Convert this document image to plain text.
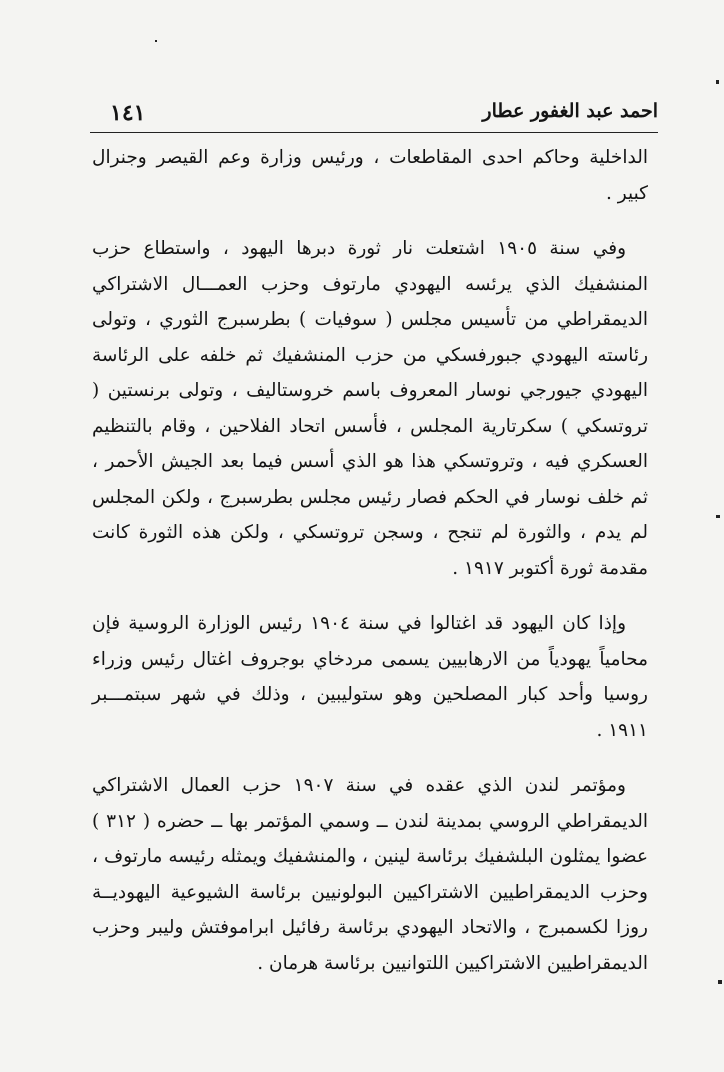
١٤١	احمد عبد الغفور عطار

الداخلية وحاكم احدى المقاطعات ، ورئيس وزارة وعم القيصر وجنرال كبير .

وفي سنة ١٩٠٥ اشتعلت نار ثورة دبرها اليهود ، واستطاع حزب المنشفيك الذي يرئسه اليهودي مارتوف وحزب العمـــال الاشتراكي الديمقراطي من تأسيس مجلس ( سوفيات ) بطرسبرج الثوري ، وتولى رئاسته اليهودي جبورفسكي من حزب المنشفيك ثم خلفه على الرئاسة اليهودي جيورجي نوسار المعروف باسم خروستاليف ، وتولى برنستين ( تروتسكي ) سكرتارية المجلس ، فأسس اتحاد الفلاحين ، وقام بالتنظيم العسكري فيه ، وتروتسكي هذا هو الذي أسس فيما بعد الجيش الأحمر ، ثم خلف نوسار في الحكم فصار رئيس مجلس بطرسبرج ، ولكن المجلس لم يدم ، والثورة لم تنجح ، وسجن تروتسكي ، ولكن هذه الثورة كانت مقدمة ثورة أكتوبر ١٩١٧ .

وإذا كان اليهود قد اغتالوا في سنة ١٩٠٤ رئيس الوزارة الروسية فإن محامياً يهودياً من الارهابيين يسمى مردخاي بوجروف اغتال رئيس وزراء روسيا وأحد كبار المصلحين وهو ستوليبين ، وذلك في شهر سبتمـــبر ١٩١١ .

ومؤتمر لندن الذي عقده في سنة ١٩٠٧ حزب العمال الاشتراكي الديمقراطي الروسي بمدينة لندن ــ وسمي المؤتمر بها ــ حضره ( ٣١٢ ) عضوا يمثلون البلشفيك برئاسة لينين ، والمنشفيك ويمثله رئيسه مارتوف ، وحزب الديمقراطيين الاشتراكيين البولونيين برئاسة الشيوعية اليهوديــة روزا لكسمبرج ، والاتحاد اليهودي برئاسة رفائيل ابراموفتش وليبر وحزب الديمقراطيين الاشتراكيين اللتوانيين برئاسة هرمان .
